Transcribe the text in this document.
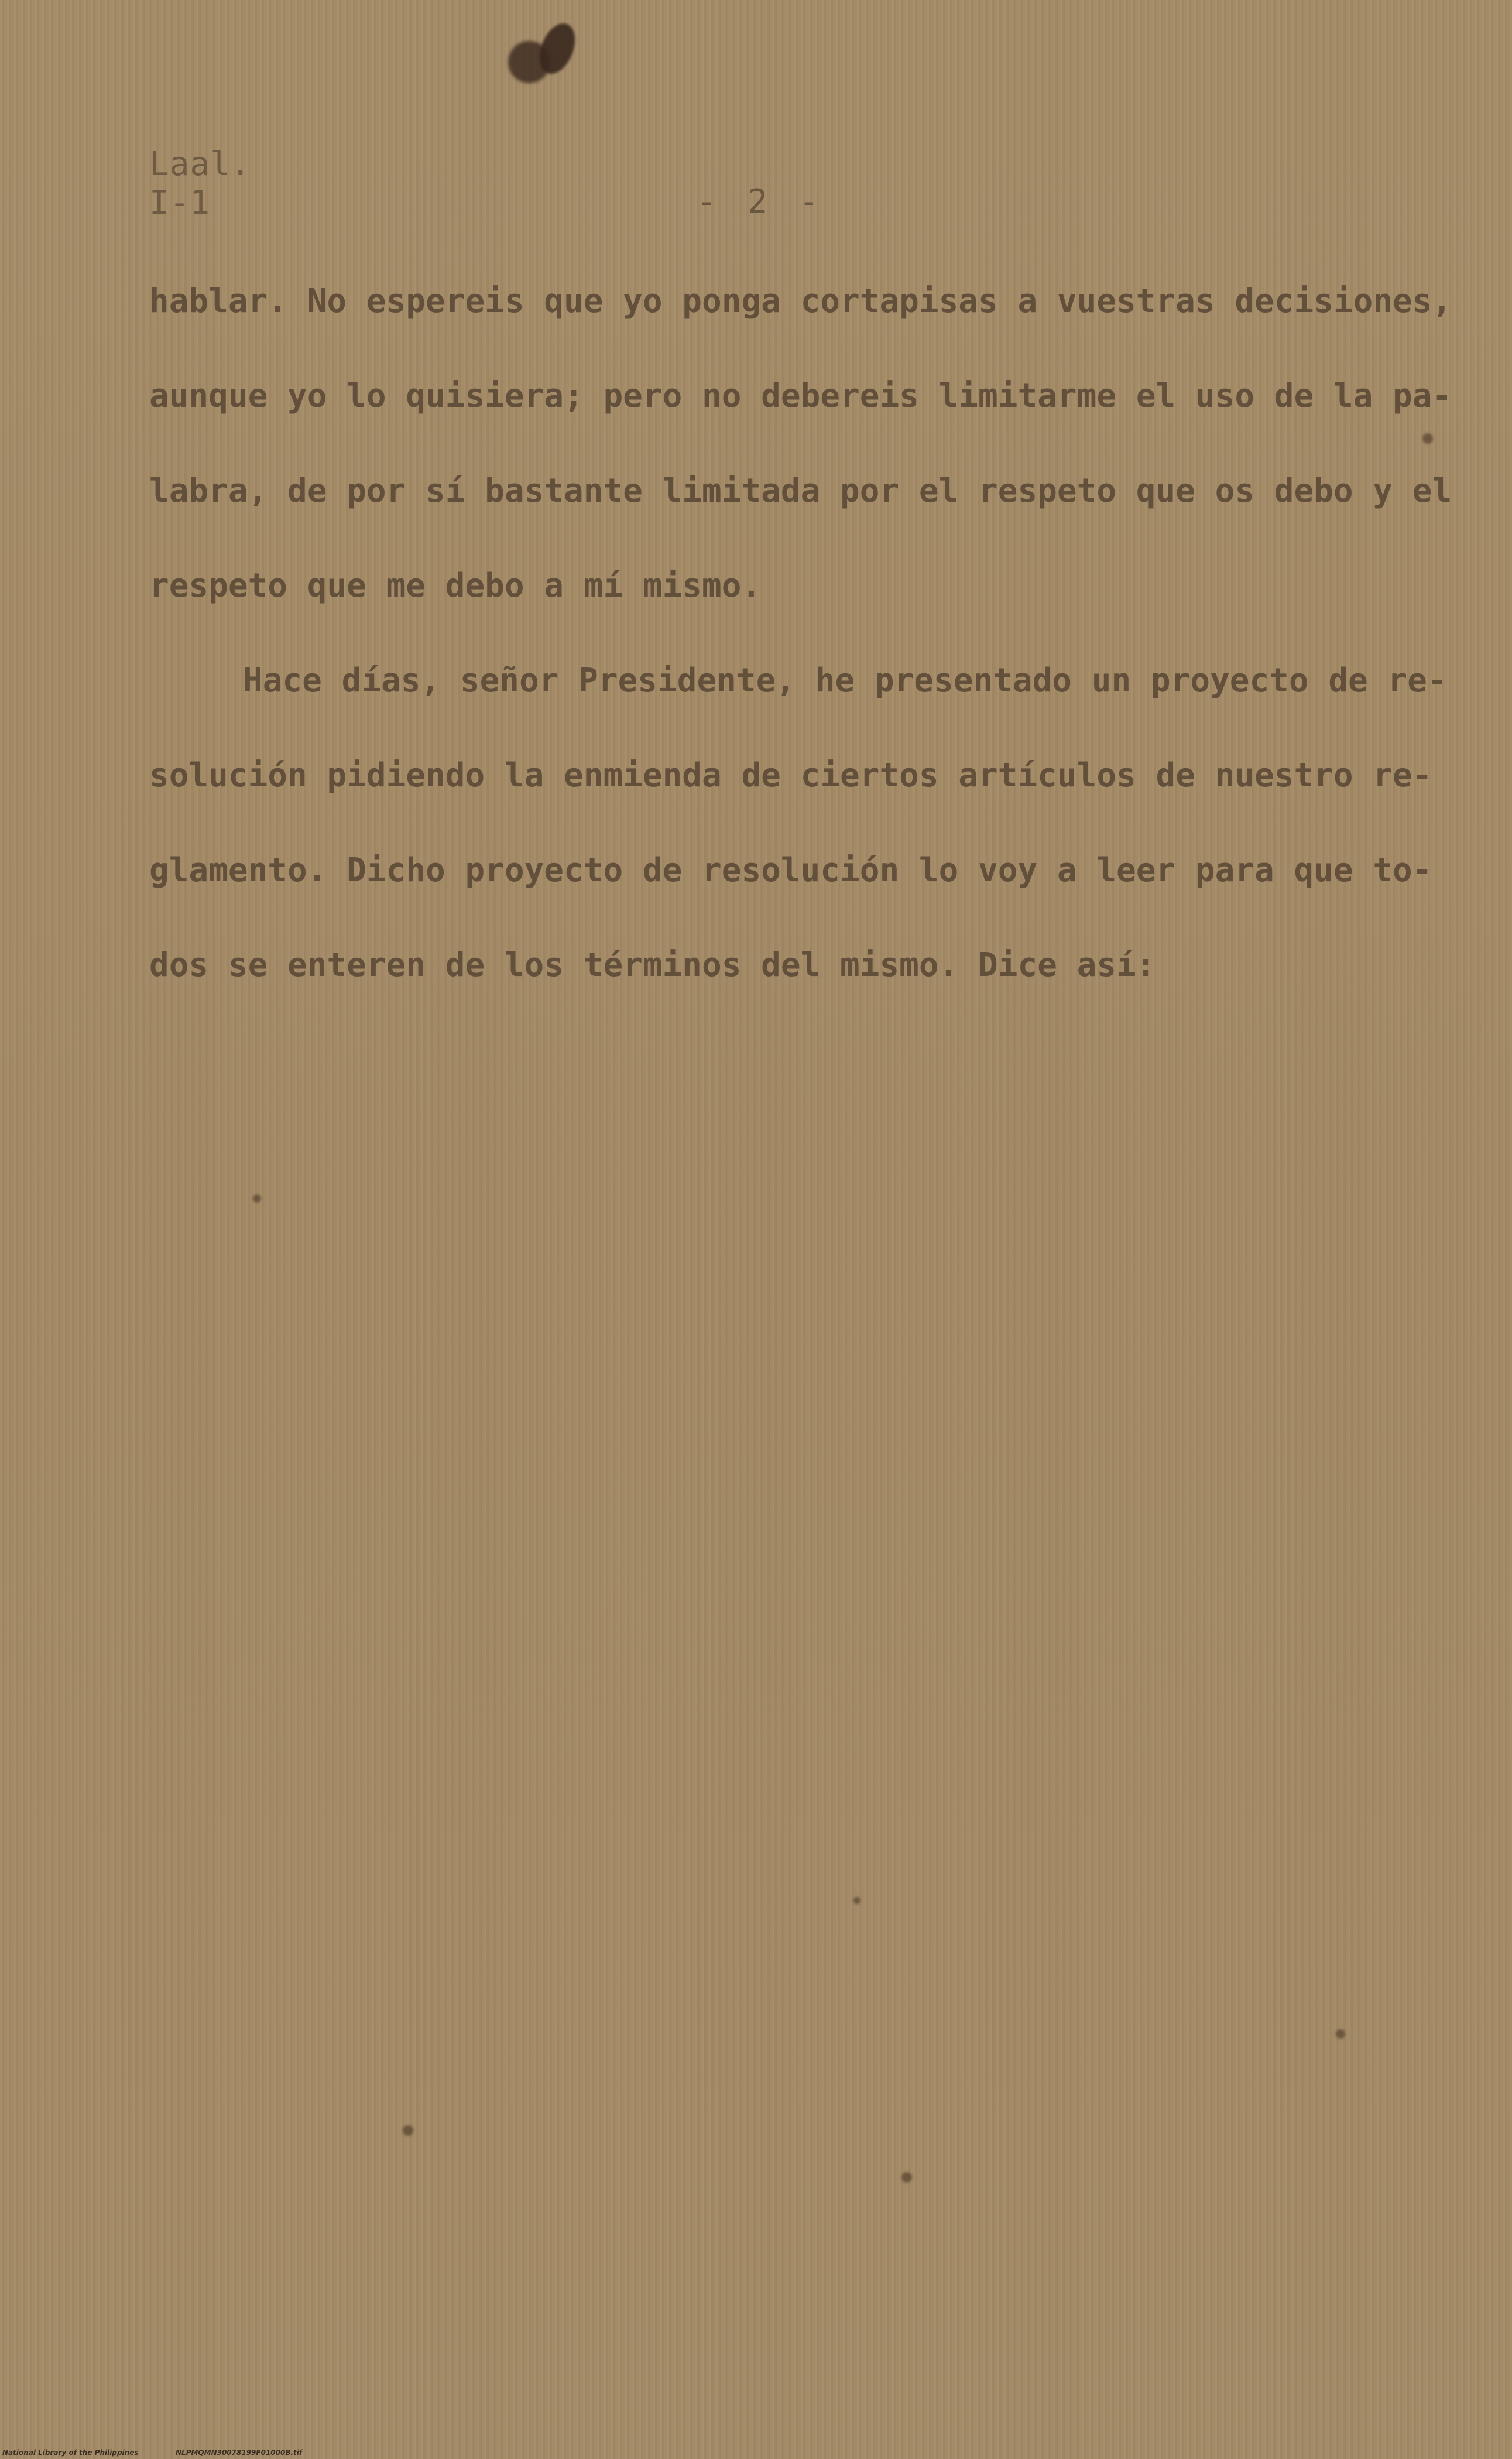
Laal.
I-1	- 2 -
hablar. No espereis que yo ponga cortapisas a vuestras decisiones,
aunque yo lo quisiera; pero no debereis limitarme el uso de la pa-
labra, de por sí bastante limitada por el respeto que os debo y el
respeto que me debo a mí mismo.
Hace días, señor Presidente, he presentado un proyecto de re-
solución pidiendo la enmienda de ciertos artículos de nuestro re-
glamento. Dicho proyecto de resolución lo voy a leer para que to-
dos se enteren de los términos del mismo. Dice así:
National Library of the Philippines	NLPMQMN30078199F01000B.tif
